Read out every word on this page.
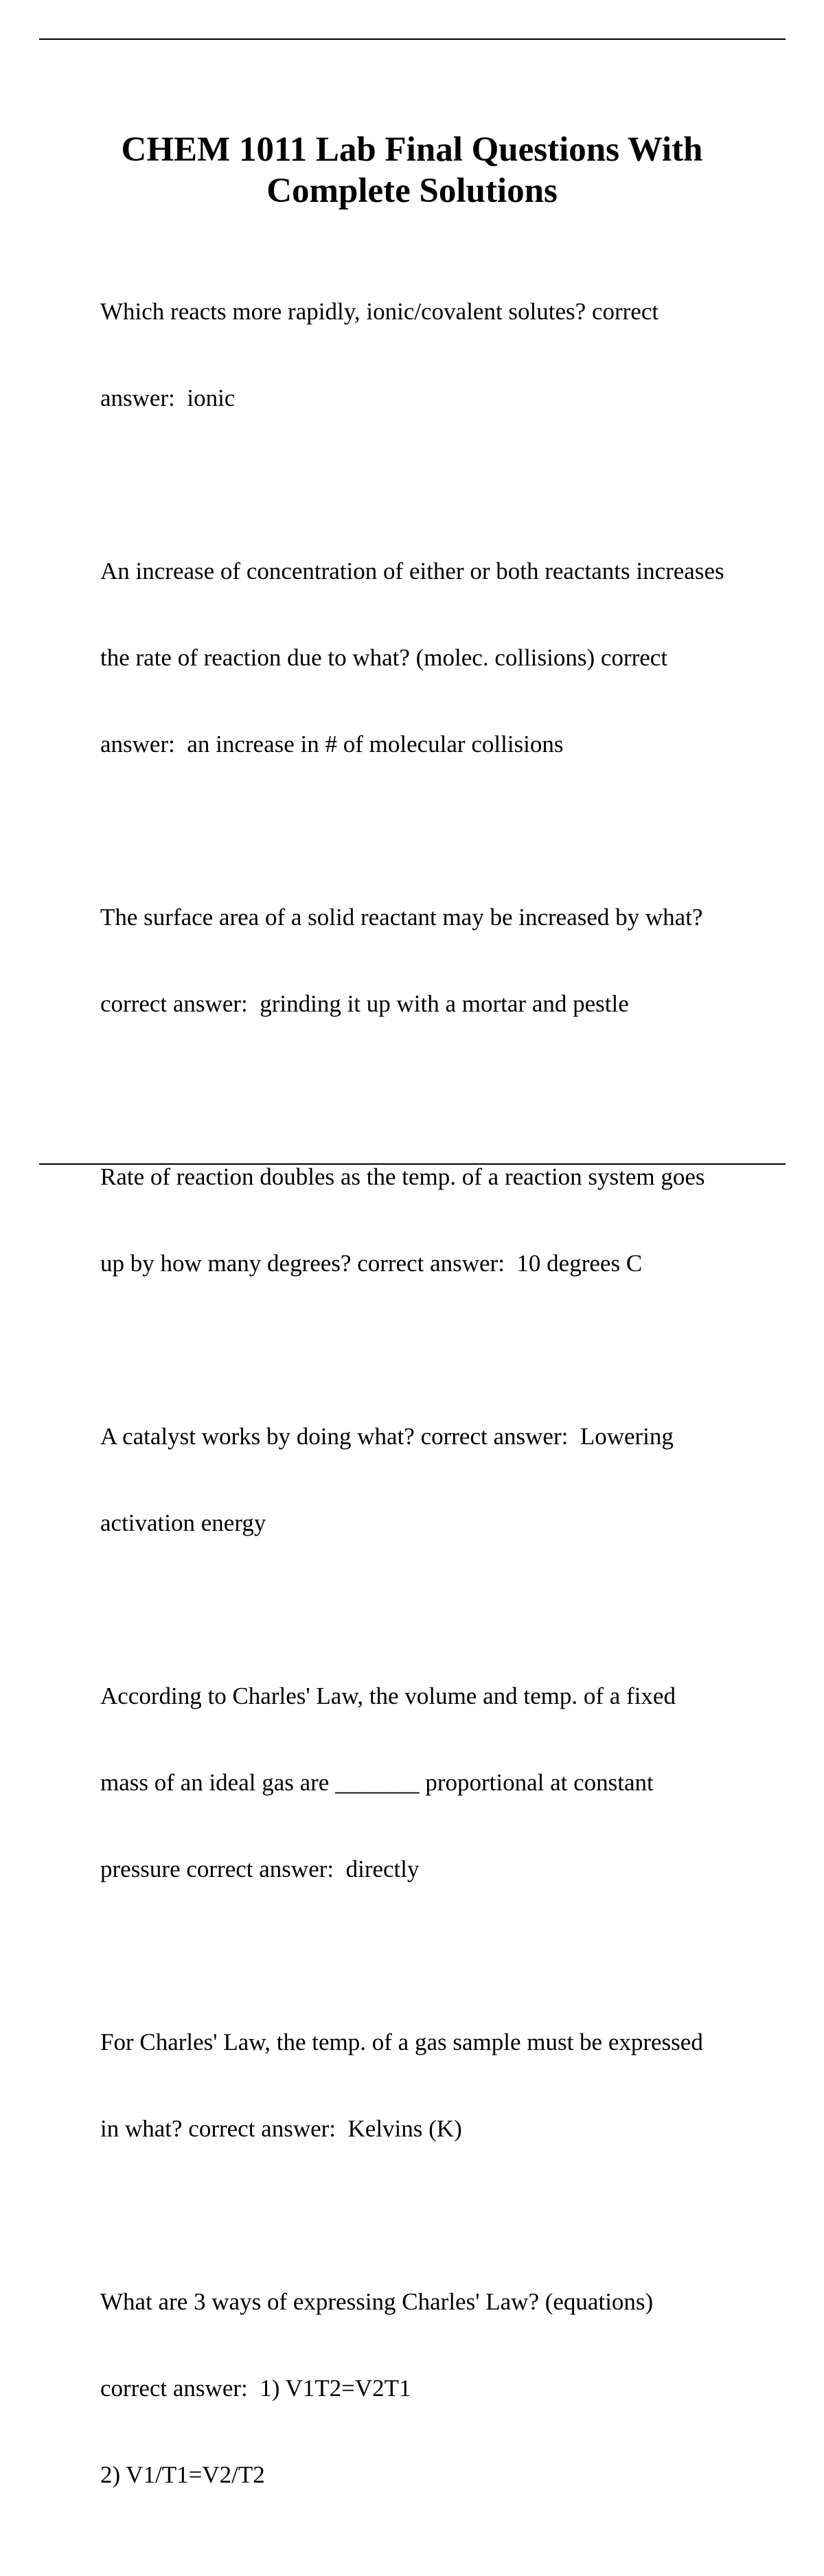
CHEM 1011 Lab Final Questions With
Complete Solutions

Which reacts more rapidly, ionic/covalent solutes? correct

answer:  ionic

An increase of concentration of either or both reactants increases

the rate of reaction due to what? (molec. collisions) correct

answer:  an increase in # of molecular collisions

The surface area of a solid reactant may be increased by what?

correct answer:  grinding it up with a mortar and pestle

Rate of reaction doubles as the temp. of a reaction system goes

up by how many degrees? correct answer:  10 degrees C

A catalyst works by doing what? correct answer:  Lowering

activation energy

According to Charles' Law, the volume and temp. of a fixed

mass of an ideal gas are _______ proportional at constant

pressure correct answer:  directly

For Charles' Law, the temp. of a gas sample must be expressed

in what? correct answer:  Kelvins (K)

What are 3 ways of expressing Charles' Law? (equations)

correct answer:  1) V1T2=V2T1

2) V1/T1=V2/T2
